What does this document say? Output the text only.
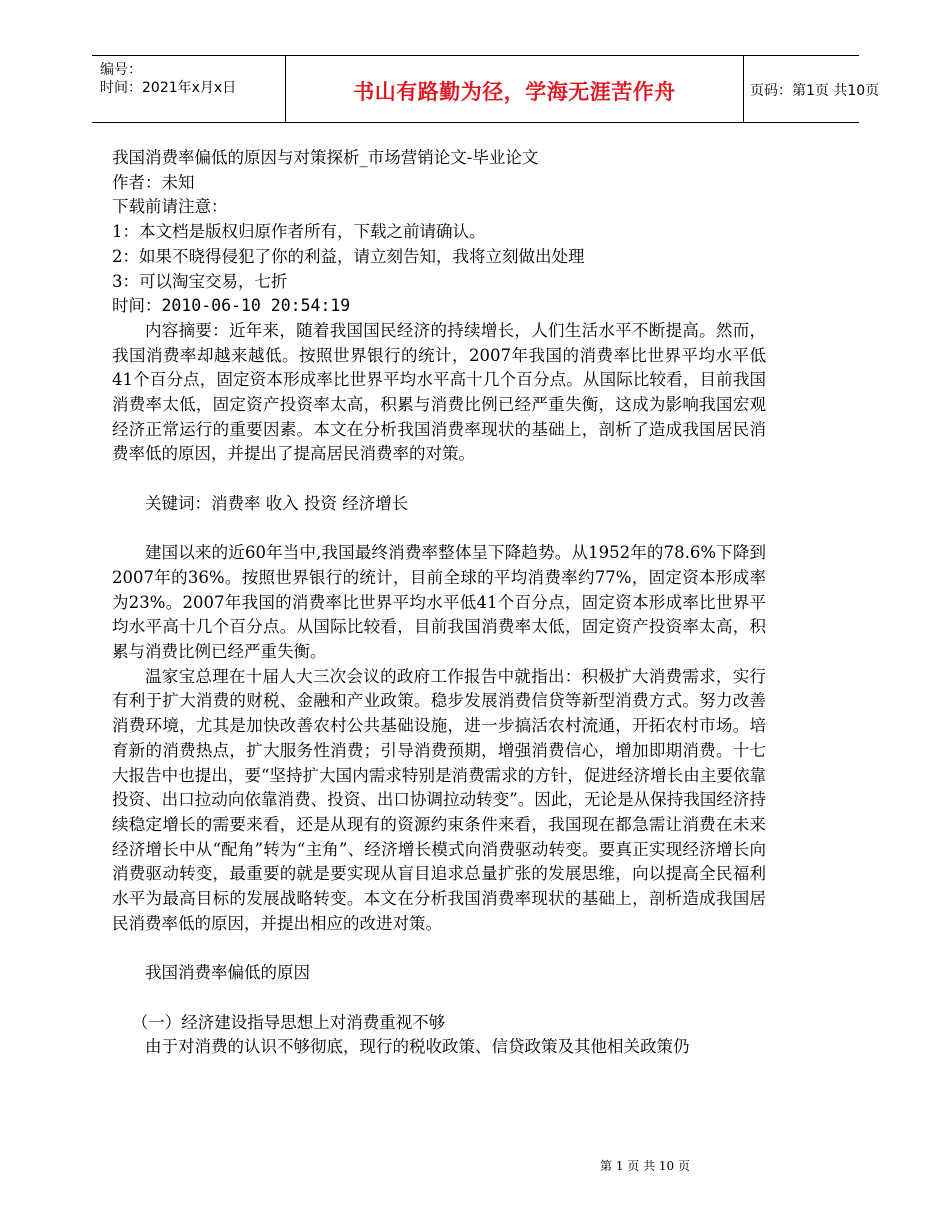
编号：
时间：2021年x月x日	书山有路勤为径，学海无涯苦作舟	页码：第1页 共10页

我国消费率偏低的原因与对策探析_市场营销论文-毕业论文

作者：未知

下载前请注意：

1：本文档是版权归原作者所有，下载之前请确认。

2：如果不晓得侵犯了你的利益，请立刻告知，我将立刻做出处理

3：可以淘宝交易，七折

时间：2010-06-10 20:54:19

内容摘要：近年来，随着我国国民经济的持续增长，人们生活水平不断提高。然而，我国消费率却越来越低。按照世界银行的统计，2007年我国的消费率比世界平均水平低41个百分点，固定资本形成率比世界平均水平高十几个百分点。从国际比较看，目前我国消费率太低，固定资产投资率太高，积累与消费比例已经严重失衡，这成为影响我国宏观经济正常运行的重要因素。本文在分析我国消费率现状的基础上，剖析了造成我国居民消费率低的原因，并提出了提高居民消费率的对策。

关键词：消费率 收入 投资 经济增长

建国以来的近60年当中,我国最终消费率整体呈下降趋势。从1952年的78.6%下降到2007年的36%。按照世界银行的统计，目前全球的平均消费率约77%，固定资本形成率为23%。2007年我国的消费率比世界平均水平低41个百分点，固定资本形成率比世界平均水平高十几个百分点。从国际比较看，目前我国消费率太低，固定资产投资率太高，积累与消费比例已经严重失衡。

温家宝总理在十届人大三次会议的政府工作报告中就指出：积极扩大消费需求，实行有利于扩大消费的财税、金融和产业政策。稳步发展消费信贷等新型消费方式。努力改善消费环境，尤其是加快改善农村公共基础设施，进一步搞活农村流通，开拓农村市场。培育新的消费热点，扩大服务性消费；引导消费预期，增强消费信心，增加即期消费。十七大报告中也提出，要“坚持扩大国内需求特别是消费需求的方针，促进经济增长由主要依靠投资、出口拉动向依靠消费、投资、出口协调拉动转变”。因此，无论是从保持我国经济持续稳定增长的需要来看，还是从现有的资源约束条件来看，我国现在都急需让消费在未来经济增长中从“配角”转为“主角”、经济增长模式向消费驱动转变。要真正实现经济增长向消费驱动转变，最重要的就是要实现从盲目追求总量扩张的发展思维，向以提高全民福利水平为最高目标的发展战略转变。本文在分析我国消费率现状的基础上，剖析造成我国居民消费率低的原因，并提出相应的改进对策。

我国消费率偏低的原因

（一）经济建设指导思想上对消费重视不够

由于对消费的认识不够彻底，现行的税收政策、信贷政策及其他相关政策仍

第 1 页 共 10 页
